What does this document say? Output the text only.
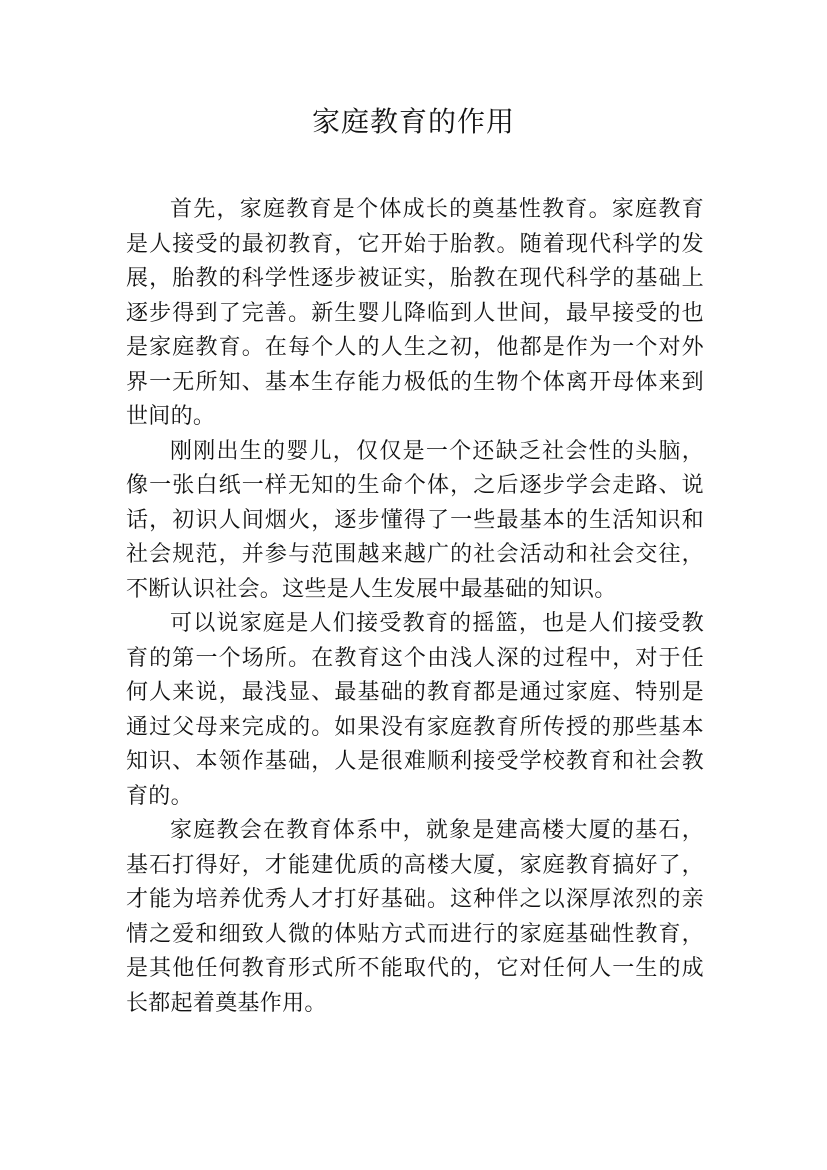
家庭教育的作用

首先，家庭教育是个体成长的奠基性教育。家庭教育是人接受的最初教育，它开始于胎教。随着现代科学的发展，胎教的科学性逐步被证实，胎教在现代科学的基础上逐步得到了完善。新生婴儿降临到人世间，最早接受的也是家庭教育。在每个人的人生之初，他都是作为一个对外界一无所知、基本生存能力极低的生物个体离开母体来到世间的。

刚刚出生的婴儿，仅仅是一个还缺乏社会性的头脑，像一张白纸一样无知的生命个体，之后逐步学会走路、说话，初识人间烟火，逐步懂得了一些最基本的生活知识和社会规范，并参与范围越来越广的社会活动和社会交往，不断认识社会。这些是人生发展中最基础的知识。

可以说家庭是人们接受教育的摇篮，也是人们接受教育的第一个场所。在教育这个由浅人深的过程中，对于任何人来说，最浅显、最基础的教育都是通过家庭、特别是通过父母来完成的。如果没有家庭教育所传授的那些基本知识、本领作基础，人是很难顺利接受学校教育和社会教育的。

家庭教会在教育体系中，就象是建高楼大厦的基石，基石打得好，才能建优质的高楼大厦，家庭教育搞好了，才能为培养优秀人才打好基础。这种伴之以深厚浓烈的亲情之爱和细致人微的体贴方式而进行的家庭基础性教育，是其他任何教育形式所不能取代的，它对任何人一生的成长都起着奠基作用。
